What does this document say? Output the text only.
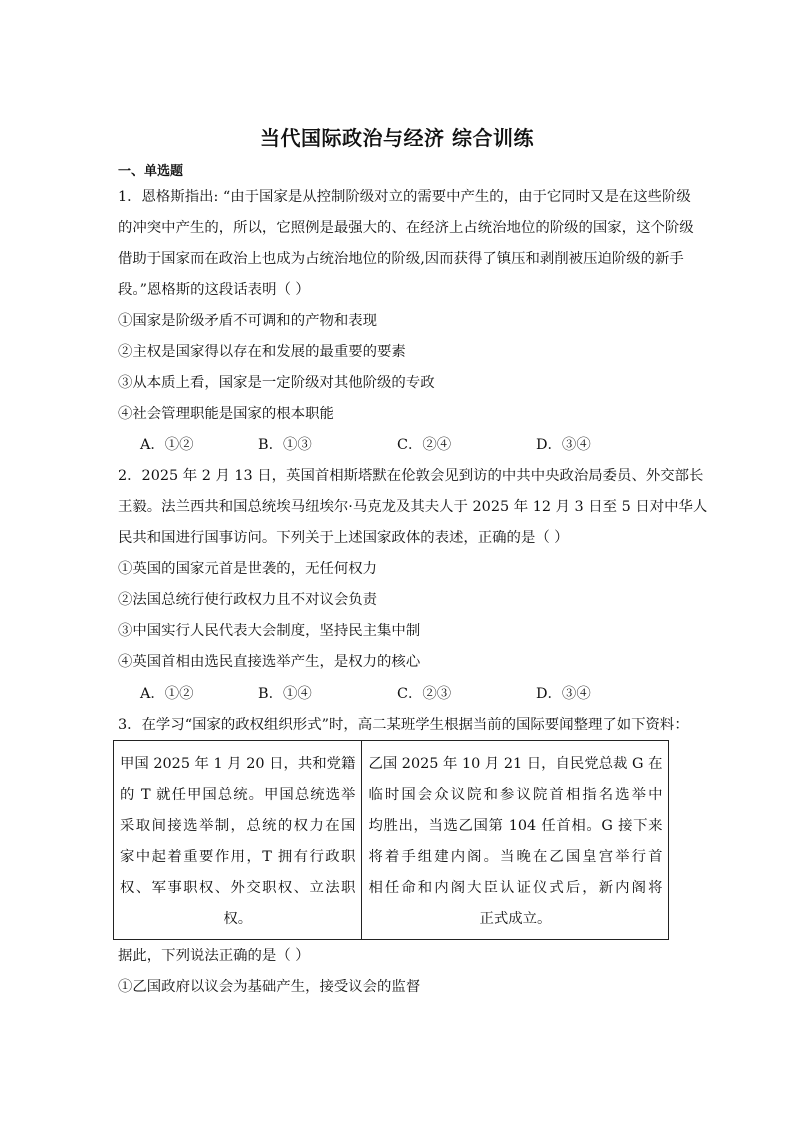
当代国际政治与经济 综合训练
一、单选题
1．恩格斯指出: “由于国家是从控制阶级对立的需要中产生的，由于它同时又是在这些阶级
的冲突中产生的，所以，它照例是最强大的、在经济上占统治地位的阶级的国家，这个阶级
借助于国家而在政治上也成为占统治地位的阶级,因而获得了镇压和剥削被压迫阶级的新手
段。”恩格斯的这段话表明（ ）
①国家是阶级矛盾不可调和的产物和表现
②主权是国家得以存在和发展的最重要的要素
③从本质上看，国家是一定阶级对其他阶级的专政
④社会管理职能是国家的根本职能
A．①②	B．①③	C．②④	D．③④
2．2025 年 2 月 13 日，英国首相斯塔默在伦敦会见到访的中共中央政治局委员、外交部长
王毅。法兰西共和国总统埃马纽埃尔·马克龙及其夫人于 2025 年 12 月 3 日至 5 日对中华人
民共和国进行国事访问。下列关于上述国家政体的表述，正确的是（ ）
①英国的国家元首是世袭的，无任何权力
②法国总统行使行政权力且不对议会负责
③中国实行人民代表大会制度，坚持民主集中制
④英国首相由选民直接选举产生，是权力的核心
A．①②	B．①④	C．②③	D．③④
3．在学习“国家的政权组织形式”时，高二某班学生根据当前的国际要闻整理了如下资料：
甲国 2025 年 1 月 20 日，共和党籍
的 T 就任甲国总统。甲国总统选举
采取间接选举制，总统的权力在国
家中起着重要作用，T 拥有行政职
权、军事职权、外交职权、立法职
权。

乙国 2025 年 10 月 21 日，自民党总裁 G 在
临时国会众议院和参议院首相指名选举中
均胜出，当选乙国第 104 任首相。G 接下来
将着手组建内阁。当晚在乙国皇宫举行首
相任命和内阁大臣认证仪式后，新内阁将
正式成立。
据此，下列说法正确的是（ ）
①乙国政府以议会为基础产生，接受议会的监督
